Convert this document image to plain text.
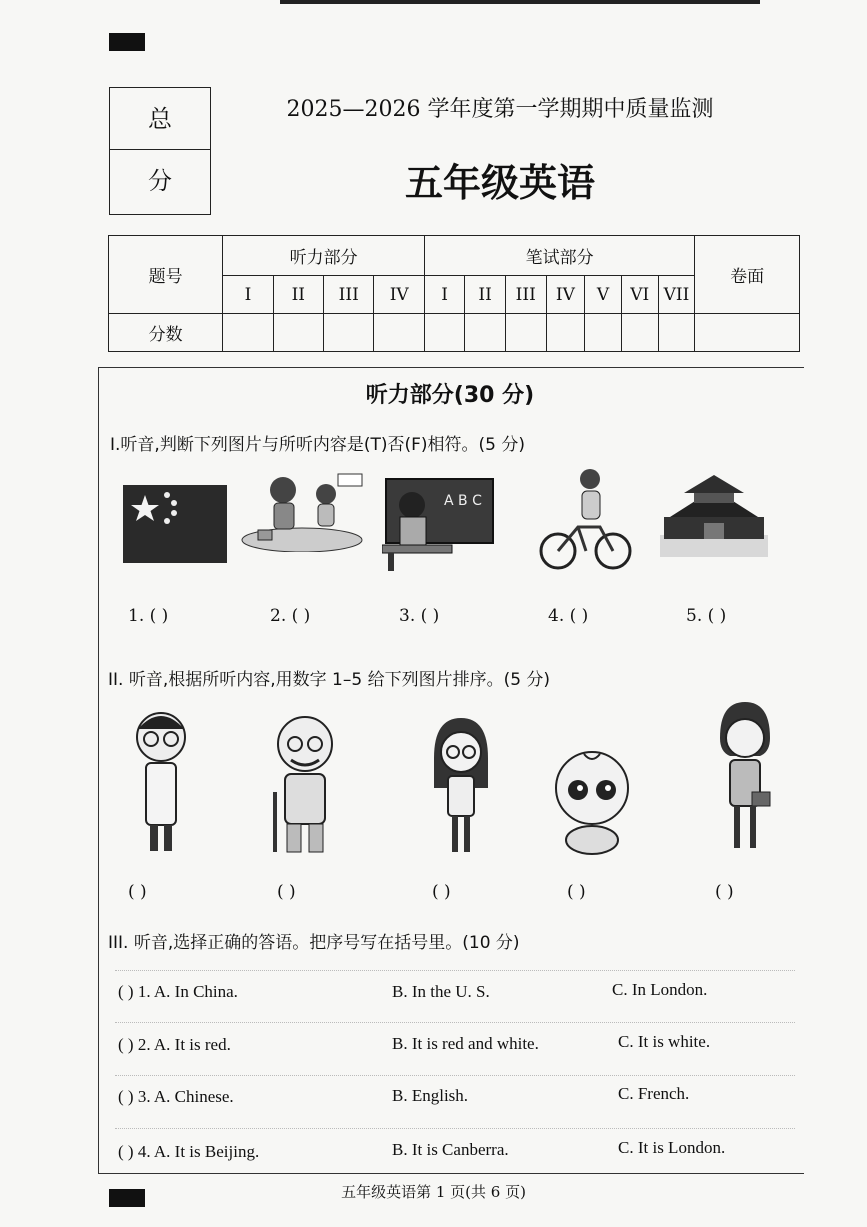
总 分
2025—2026 学年度第一学期期中质量监测
五年级英语
题号	听力部分				笔试部分							卷面
	I	II	III	IV	I	II	III	IV	V	VI	VII	
分数												
听力部分(30 分)
I.听音,判断下列图片与所听内容是(T)否(F)相符。(5 分)
A B C
1. ( )	2. ( )	3. ( )	4. ( )	5. ( )
II. 听音,根据所听内容,用数字 1–5 给下列图片排序。(5 分)
( )	( )	( )	( )	( )
III. 听音,选择正确的答语。把序号写在括号里。(10 分)
( ) 1. A. In China.	B. In the U. S.	C. In London.
( ) 2. A. It is red.	B. It is red and white.	C. It is white.
( ) 3. A. Chinese.	B. English.	C. French.
( ) 4. A. It is Beijing.	B. It is Canberra.	C. It is London.
五年级英语第 1 页(共 6 页)
